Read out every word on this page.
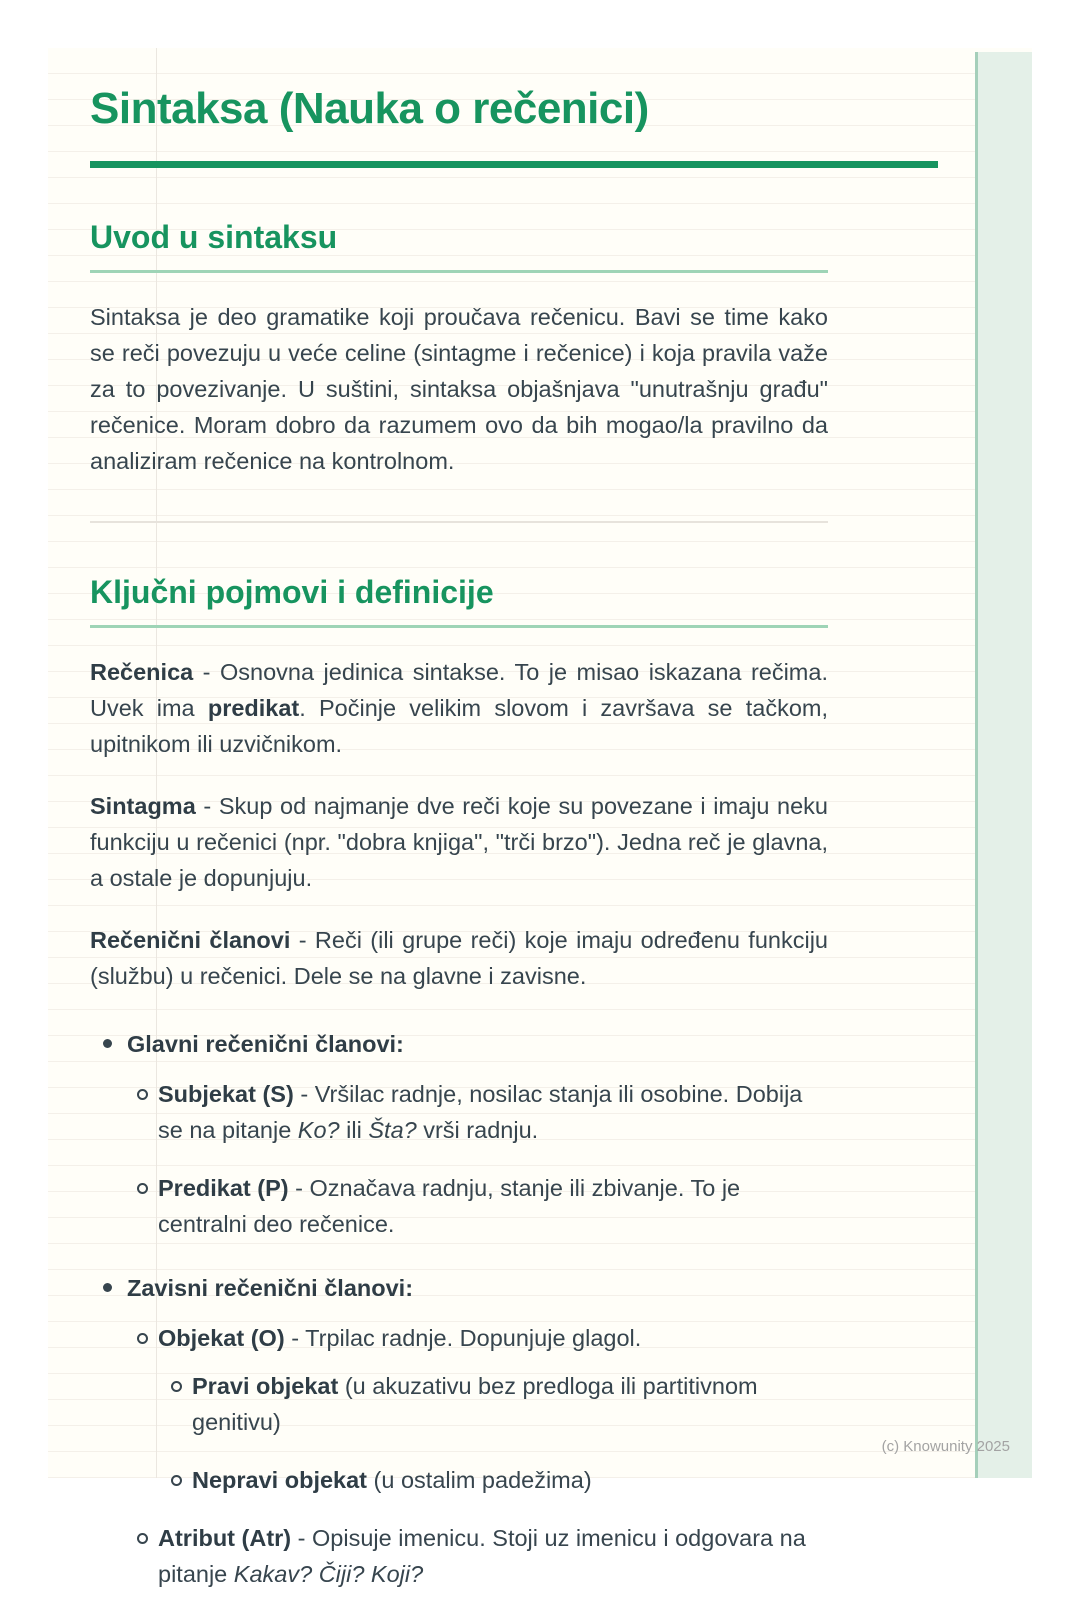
Sintaksa (Nauka o rečenici)
Uvod u sintaksu

Sintaksa je deo gramatike koji proučava rečenicu. Bavi se time kako se reči povezuju u veće celine (sintagme i rečenice) i koja pravila važe za to povezivanje. U suštini, sintaksa objašnjava "unutrašnju građu" rečenice. Moram dobro da razumem ovo da bih mogao/la pravilno da analiziram rečenice na kontrolnom.

Ključni pojmovi i definicije

Rečenica - Osnovna jedinica sintakse. To je misao iskazana rečima. Uvek ima predikat. Počinje velikim slovom i završava se tačkom, upitnikom ili uzvičnikom.

Sintagma - Skup od najmanje dve reči koje su povezane i imaju neku funkciju u rečenici (npr. "dobra knjiga", "trči brzo"). Jedna reč je glavna, a ostale je dopunjuju.

Rečenični članovi - Reči (ili grupe reči) koje imaju određenu funkciju (službu) u rečenici. Dele se na glavne i zavisne.

Glavni rečenični članovi:

Subjekat (S) - Vršilac radnje, nosilac stanja ili osobine. Dobija se na pitanje Ko? ili Šta? vrši radnju.

Predikat (P) - Označava radnju, stanje ili zbivanje. To je centralni deo rečenice.

Zavisni rečenični članovi:

Objekat (O) - Trpilac radnje. Dopunjuje glagol.

Pravi objekat (u akuzativu bez predloga ili partitivnom genitivu)

Nepravi objekat (u ostalim padežima)

Atribut (Atr) - Opisuje imenicu. Stoji uz imenicu i odgovara na pitanje Kakav? Čiji? Koji?

(c) Knowunity 2025
